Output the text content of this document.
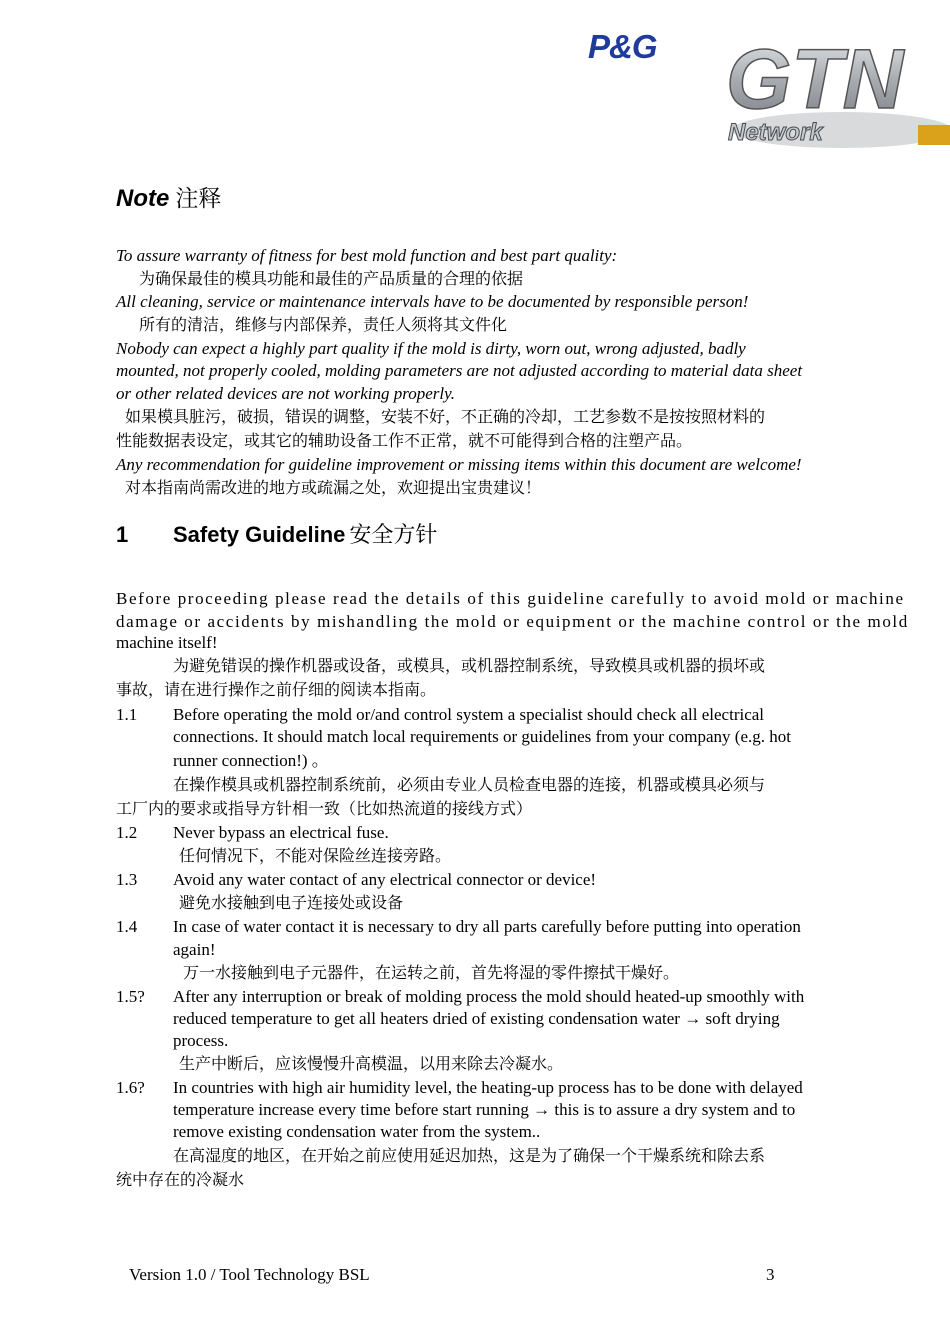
P&G GTN
Network
Note 注释
To assure warranty of fitness for best mold function and best part quality:
为确保最佳的模具功能和最佳的产品质量的合理的依据
All cleaning, service or maintenance intervals have to be documented by responsible person!
所有的清洁，维修与内部保养，责任人须将其文件化
Nobody can expect a highly part quality if the mold is dirty, worn out, wrong adjusted, badly
mounted, not properly cooled, molding parameters are not adjusted according to material data sheet
or other related devices are not working properly.
如果模具脏污，破损，错误的调整，安装不好，不正确的冷却，工艺参数不是按按照材料的
性能数据表设定，或其它的辅助设备工作不正常，就不可能得到合格的注塑产品。
Any recommendation for guideline improvement or missing items within this document are welcome!
对本指南尚需改进的地方或疏漏之处，欢迎提出宝贵建议！
1 Safety Guideline 安全方针
Before proceeding please read the details of this guideline carefully to avoid mold or machine
damage or accidents by mishandling the mold or equipment or the machine control or the mold
machine itself!
为避免错误的操作机器或设备，或模具，或机器控制系统，导致模具或机器的损坏或
事故，请在进行操作之前仔细的阅读本指南。
1.1 Before operating the mold or/and control system a specialist should check all electrical
connections. It should match local requirements or guidelines from your company (e.g. hot
runner connection!) 。
在操作模具或机器控制系统前，必须由专业人员检查电器的连接，机器或模具必须与
工厂内的要求或指导方针相一致（比如热流道的接线方式）
1.2 Never bypass an electrical fuse.
任何情况下，不能对保险丝连接旁路。
1.3 Avoid any water contact of any electrical connector or device!
避免水接触到电子连接处或设备
1.4 In case of water contact it is necessary to dry all parts carefully before putting into operation
again!
万一水接触到电子元器件，在运转之前，首先将湿的零件擦拭干燥好。
1.5? After any interruption or break of molding process the mold should heated-up smoothly with
reduced temperature to get all heaters dried of existing condensation water → soft drying
process.
生产中断后，应该慢慢升高模温，以用来除去冷凝水。
1.6? In countries with high air humidity level, the heating-up process has to be done with delayed
temperature increase every time before start running → this is to assure a dry system and to
remove existing condensation water from the system..
在高湿度的地区，在开始之前应使用延迟加热，这是为了确保一个干燥系统和除去系
统中存在的冷凝水
Version 1.0 / Tool Technology BSL	3
